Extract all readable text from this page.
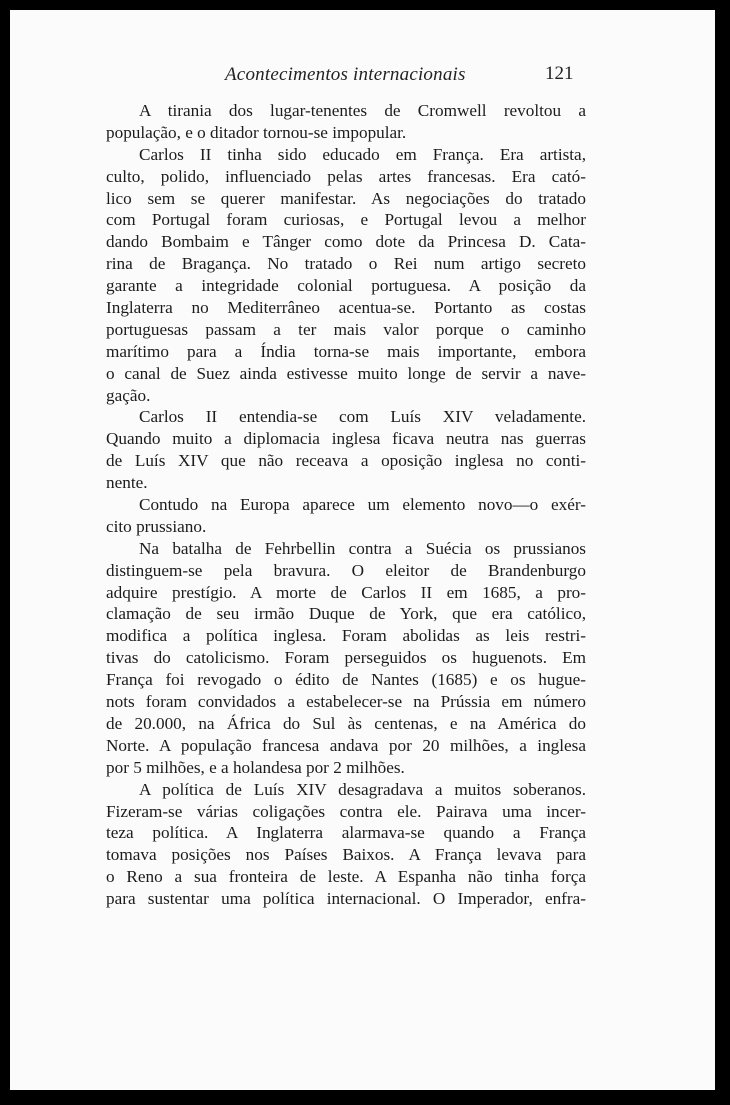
Acontecimentos internacionais	121
A tirania dos lugar-tenentes de Cromwell revoltou a
população, e o ditador tornou-se impopular.
Carlos II tinha sido educado em França. Era artista,
culto, polido, influenciado pelas artes francesas. Era cató-
lico sem se querer manifestar. As negociações do tratado
com Portugal foram curiosas, e Portugal levou a melhor
dando Bombaim e Tânger como dote da Princesa D. Cata-
rina de Bragança. No tratado o Rei num artigo secreto
garante a integridade colonial portuguesa. A posição da
Inglaterra no Mediterrâneo acentua-se. Portanto as costas
portuguesas passam a ter mais valor porque o caminho
marítimo para a Índia torna-se mais importante, embora
o canal de Suez ainda estivesse muito longe de servir a nave-
gação.
Carlos II entendia-se com Luís XIV veladamente.
Quando muito a diplomacia inglesa ficava neutra nas guerras
de Luís XIV que não receava a oposição inglesa no conti-
nente.
Contudo na Europa aparece um elemento novo—o exér-
cito prussiano.
Na batalha de Fehrbellin contra a Suécia os prussianos
distinguem-se pela bravura. O eleitor de Brandenburgo
adquire prestígio. A morte de Carlos II em 1685, a pro-
clamação de seu irmão Duque de York, que era católico,
modifica a política inglesa. Foram abolidas as leis restri-
tivas do catolicismo. Foram perseguidos os huguenots. Em
França foi revogado o édito de Nantes (1685) e os hugue-
nots foram convidados a estabelecer-se na Prússia em número
de 20.000, na África do Sul às centenas, e na América do
Norte. A população francesa andava por 20 milhões, a inglesa
por 5 milhões, e a holandesa por 2 milhões.
A política de Luís XIV desagradava a muitos soberanos.
Fizeram-se várias coligações contra ele. Pairava uma incer-
teza política. A Inglaterra alarmava-se quando a França
tomava posições nos Países Baixos. A França levava para
o Reno a sua fronteira de leste. A Espanha não tinha força
para sustentar uma política internacional. O Imperador, enfra-
